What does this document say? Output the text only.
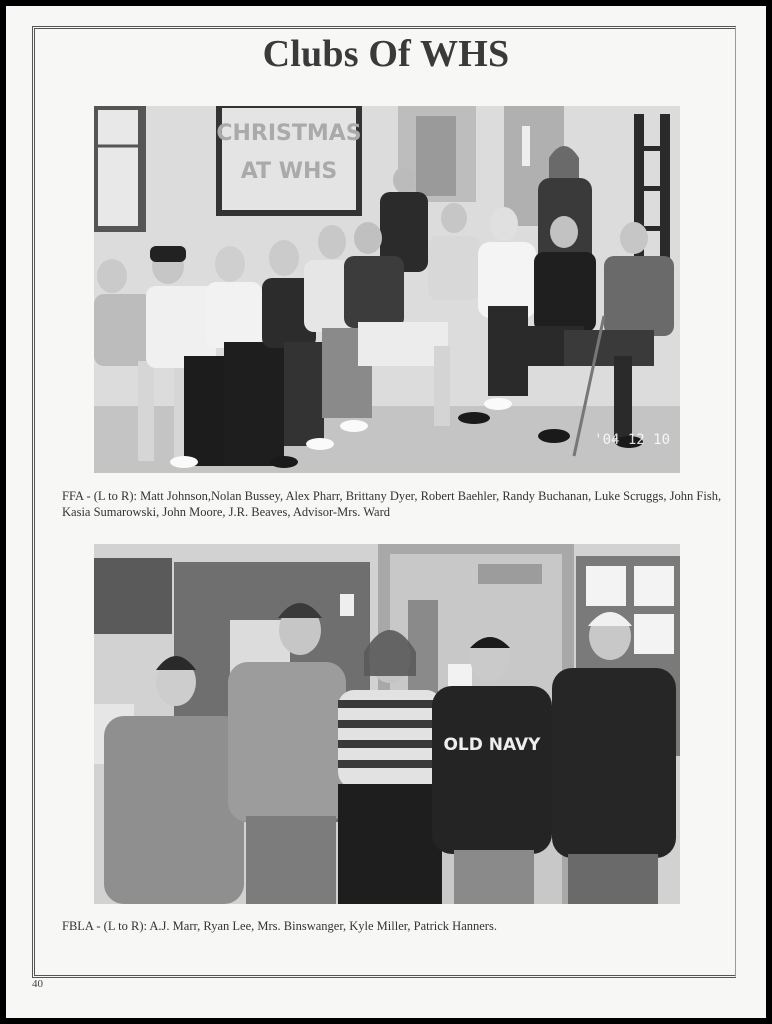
Clubs Of WHS
CHRISTMAS
AT WHS
'04 12 10
FFA - (L to R): Matt Johnson,Nolan Bussey, Alex Pharr, Brittany Dyer, Robert Baehler, Randy Buchanan, Luke Scruggs, John Fish, Kasia Sumarowski, John Moore, J.R. Beaves, Advisor-Mrs. Ward
OLD NAVY
FBLA - (L to R): A.J. Marr, Ryan Lee, Mrs. Binswanger, Kyle Miller, Patrick Hanners.
40
